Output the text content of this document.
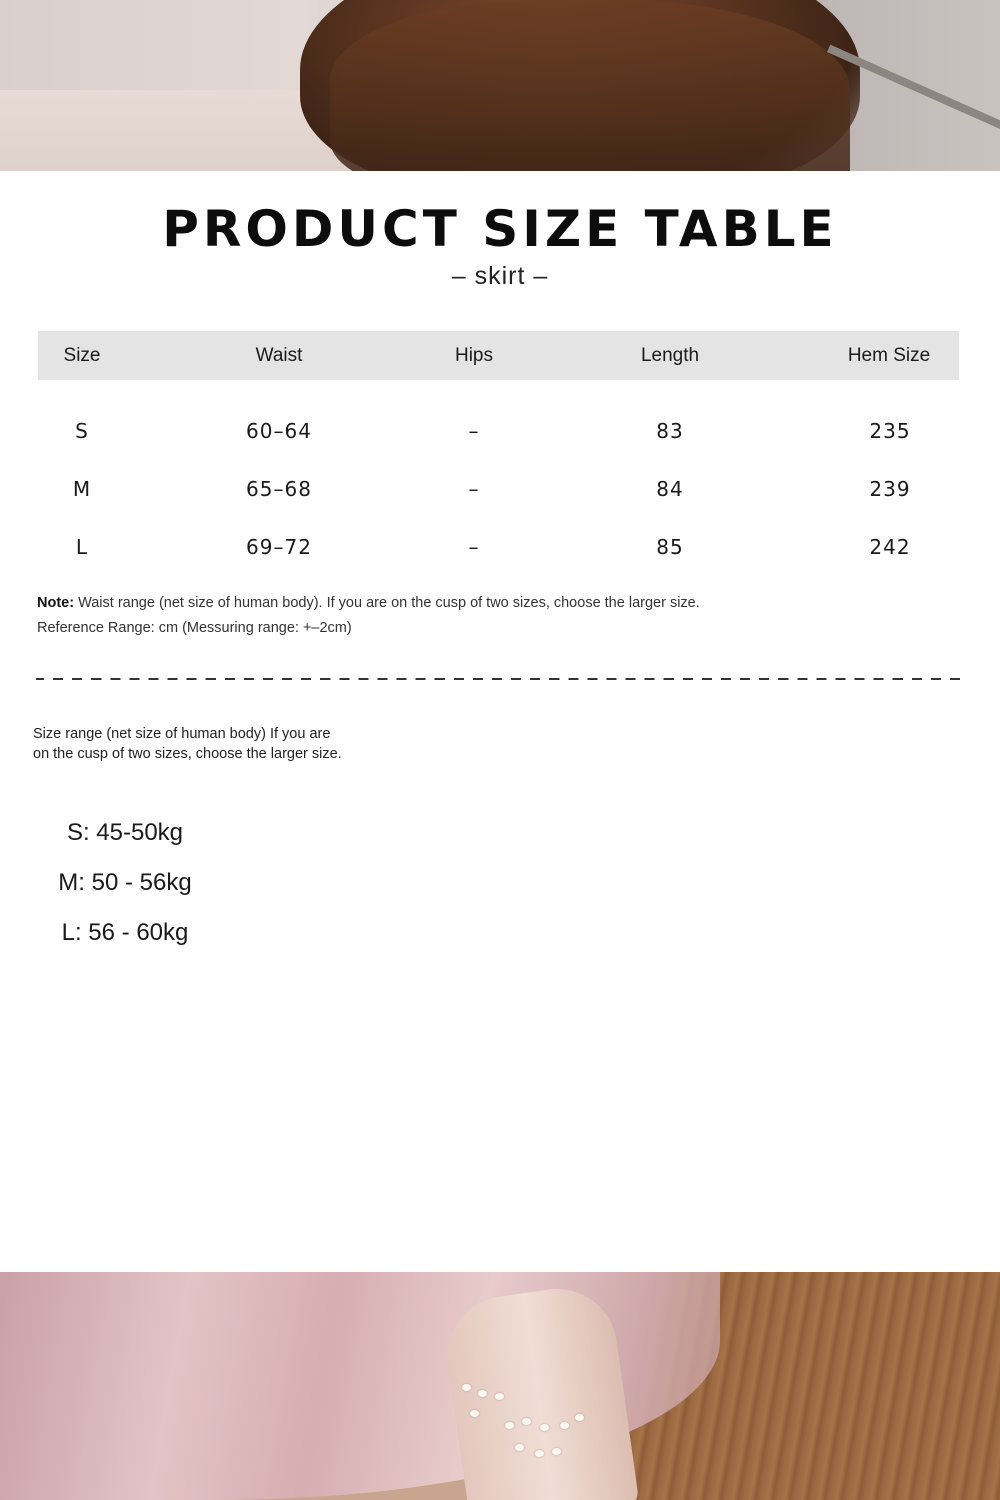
PRODUCT SIZE TABLE
– skirt –
Size	Waist	Hips	Length	Hem Size
S	60–64	–	83	235
M	65–68	–	84	239
L	69–72	–	85	242
Note: Waist range (net size of human body). If you are on the cusp of two sizes, choose the larger size.
Reference Range: cm (Messuring range: +–2cm)
Size range (net size of human body) If you are
on the cusp of two sizes, choose the larger size.
S: 45-50kg
M: 50 - 56kg
L: 56 - 60kg
